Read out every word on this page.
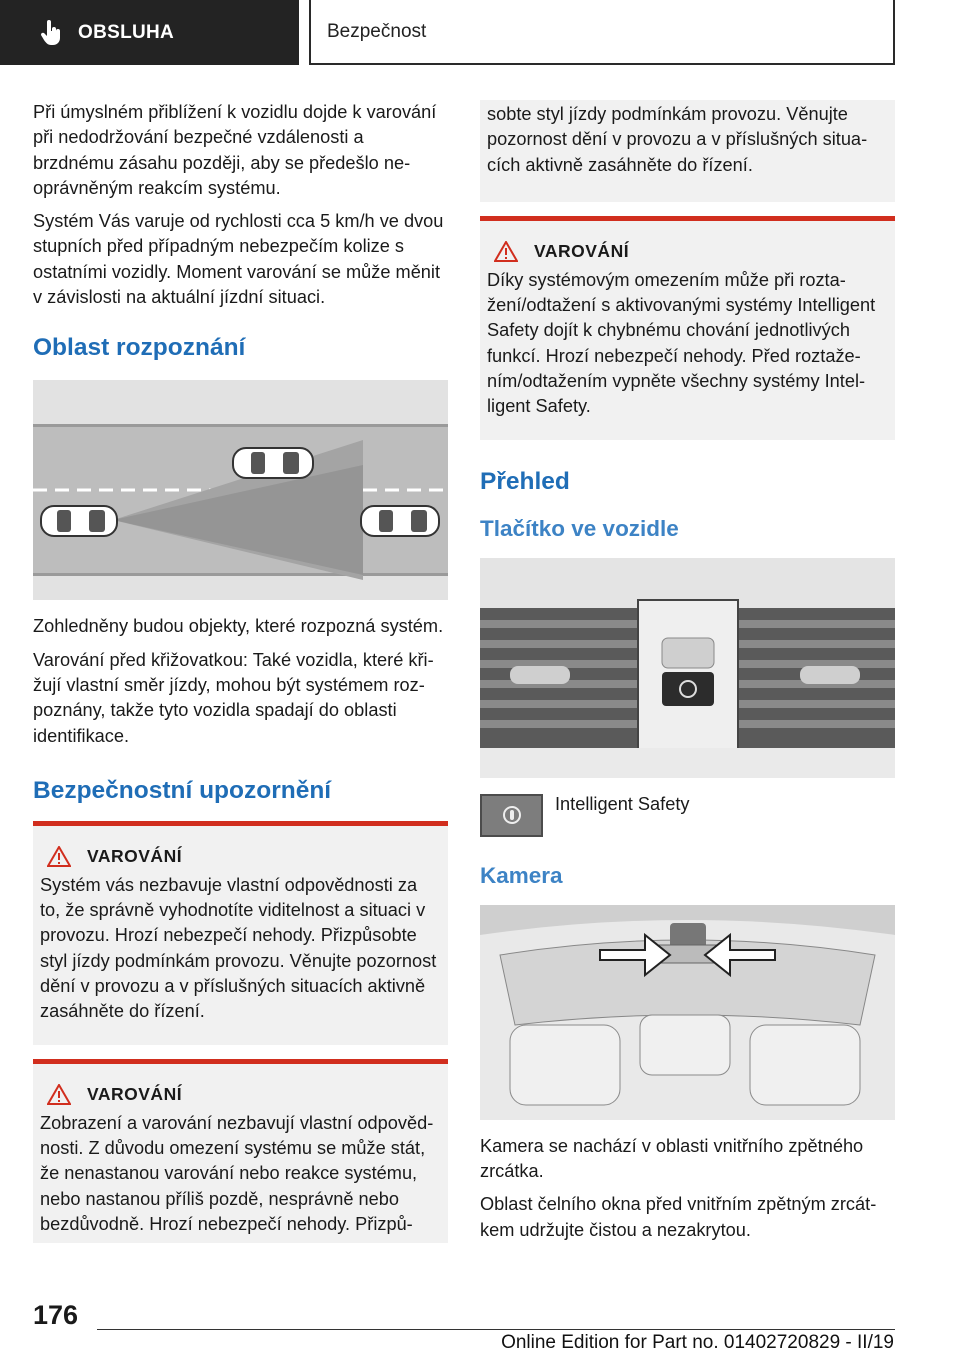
OBSLUHA	Bezpečnost

Při úmyslném přiblížení k vozidlu dojde k varování při nedodržování bezpečné vzdálenosti a brzdnému zásahu později, aby se předešlo neoprávněným reakcím systému.

Systém Vás varuje od rychlosti cca 5 km/h ve dvou stupních před případným nebezpečím kolize s ostatními vozidly. Moment varování se může měnit v závislosti na aktuální jízdní situaci.

Oblast rozpoznání

Zohledněny budou objekty, které rozpozná systém.

Varování před křižovatkou: Také vozidla, které křižují vlastní směr jízdy, mohou být systémem rozpoznány, takže tyto vozidla spadají do oblasti identifikace.

Bezpečnostní upozornění
VAROVÁNÍ

Systém vás nezbavuje vlastní odpovědnosti za to, že správně vyhodnotíte viditelnost a situaci v provozu. Hrozí nebezpečí nehody. Přizpůsobte styl jízdy podmínkám provozu. Věnujte pozornost dění v provozu a v příslušných situacích aktivně zasáhněte do řízení.

VAROVÁNÍ

Zobrazení a varování nezbavují vlastní odpovědnosti. Z důvodu omezení systému se může stát, že nenastanou varování nebo reakce systému, nebo nastanou příliš pozdě, nesprávně nebo bezdůvodně. Hrozí nebezpečí nehody. Přizpů-

sobte styl jízdy podmínkám provozu. Věnujte pozornost dění v provozu a v příslušných situacích aktivně zasáhněte do řízení.

VAROVÁNÍ

Díky systémovým omezením může při roztažení/odtažení s aktivovanými systémy Intelligent Safety dojít k chybnému chování jednotlivých funkcí. Hrozí nebezpečí nehody. Před roztažením/odtažením vypněte všechny systémy Intelligent Safety.

Přehled
Tlačítko ve vozidle
Intelligent Safety
Kamera

Kamera se nachází v oblasti vnitřního zpětného zrcátka.

Oblast čelního okna před vnitřním zpětným zrcátkem udržujte čistou a nezakrytou.

176
Online Edition for Part no. 01402720829 - II/19
